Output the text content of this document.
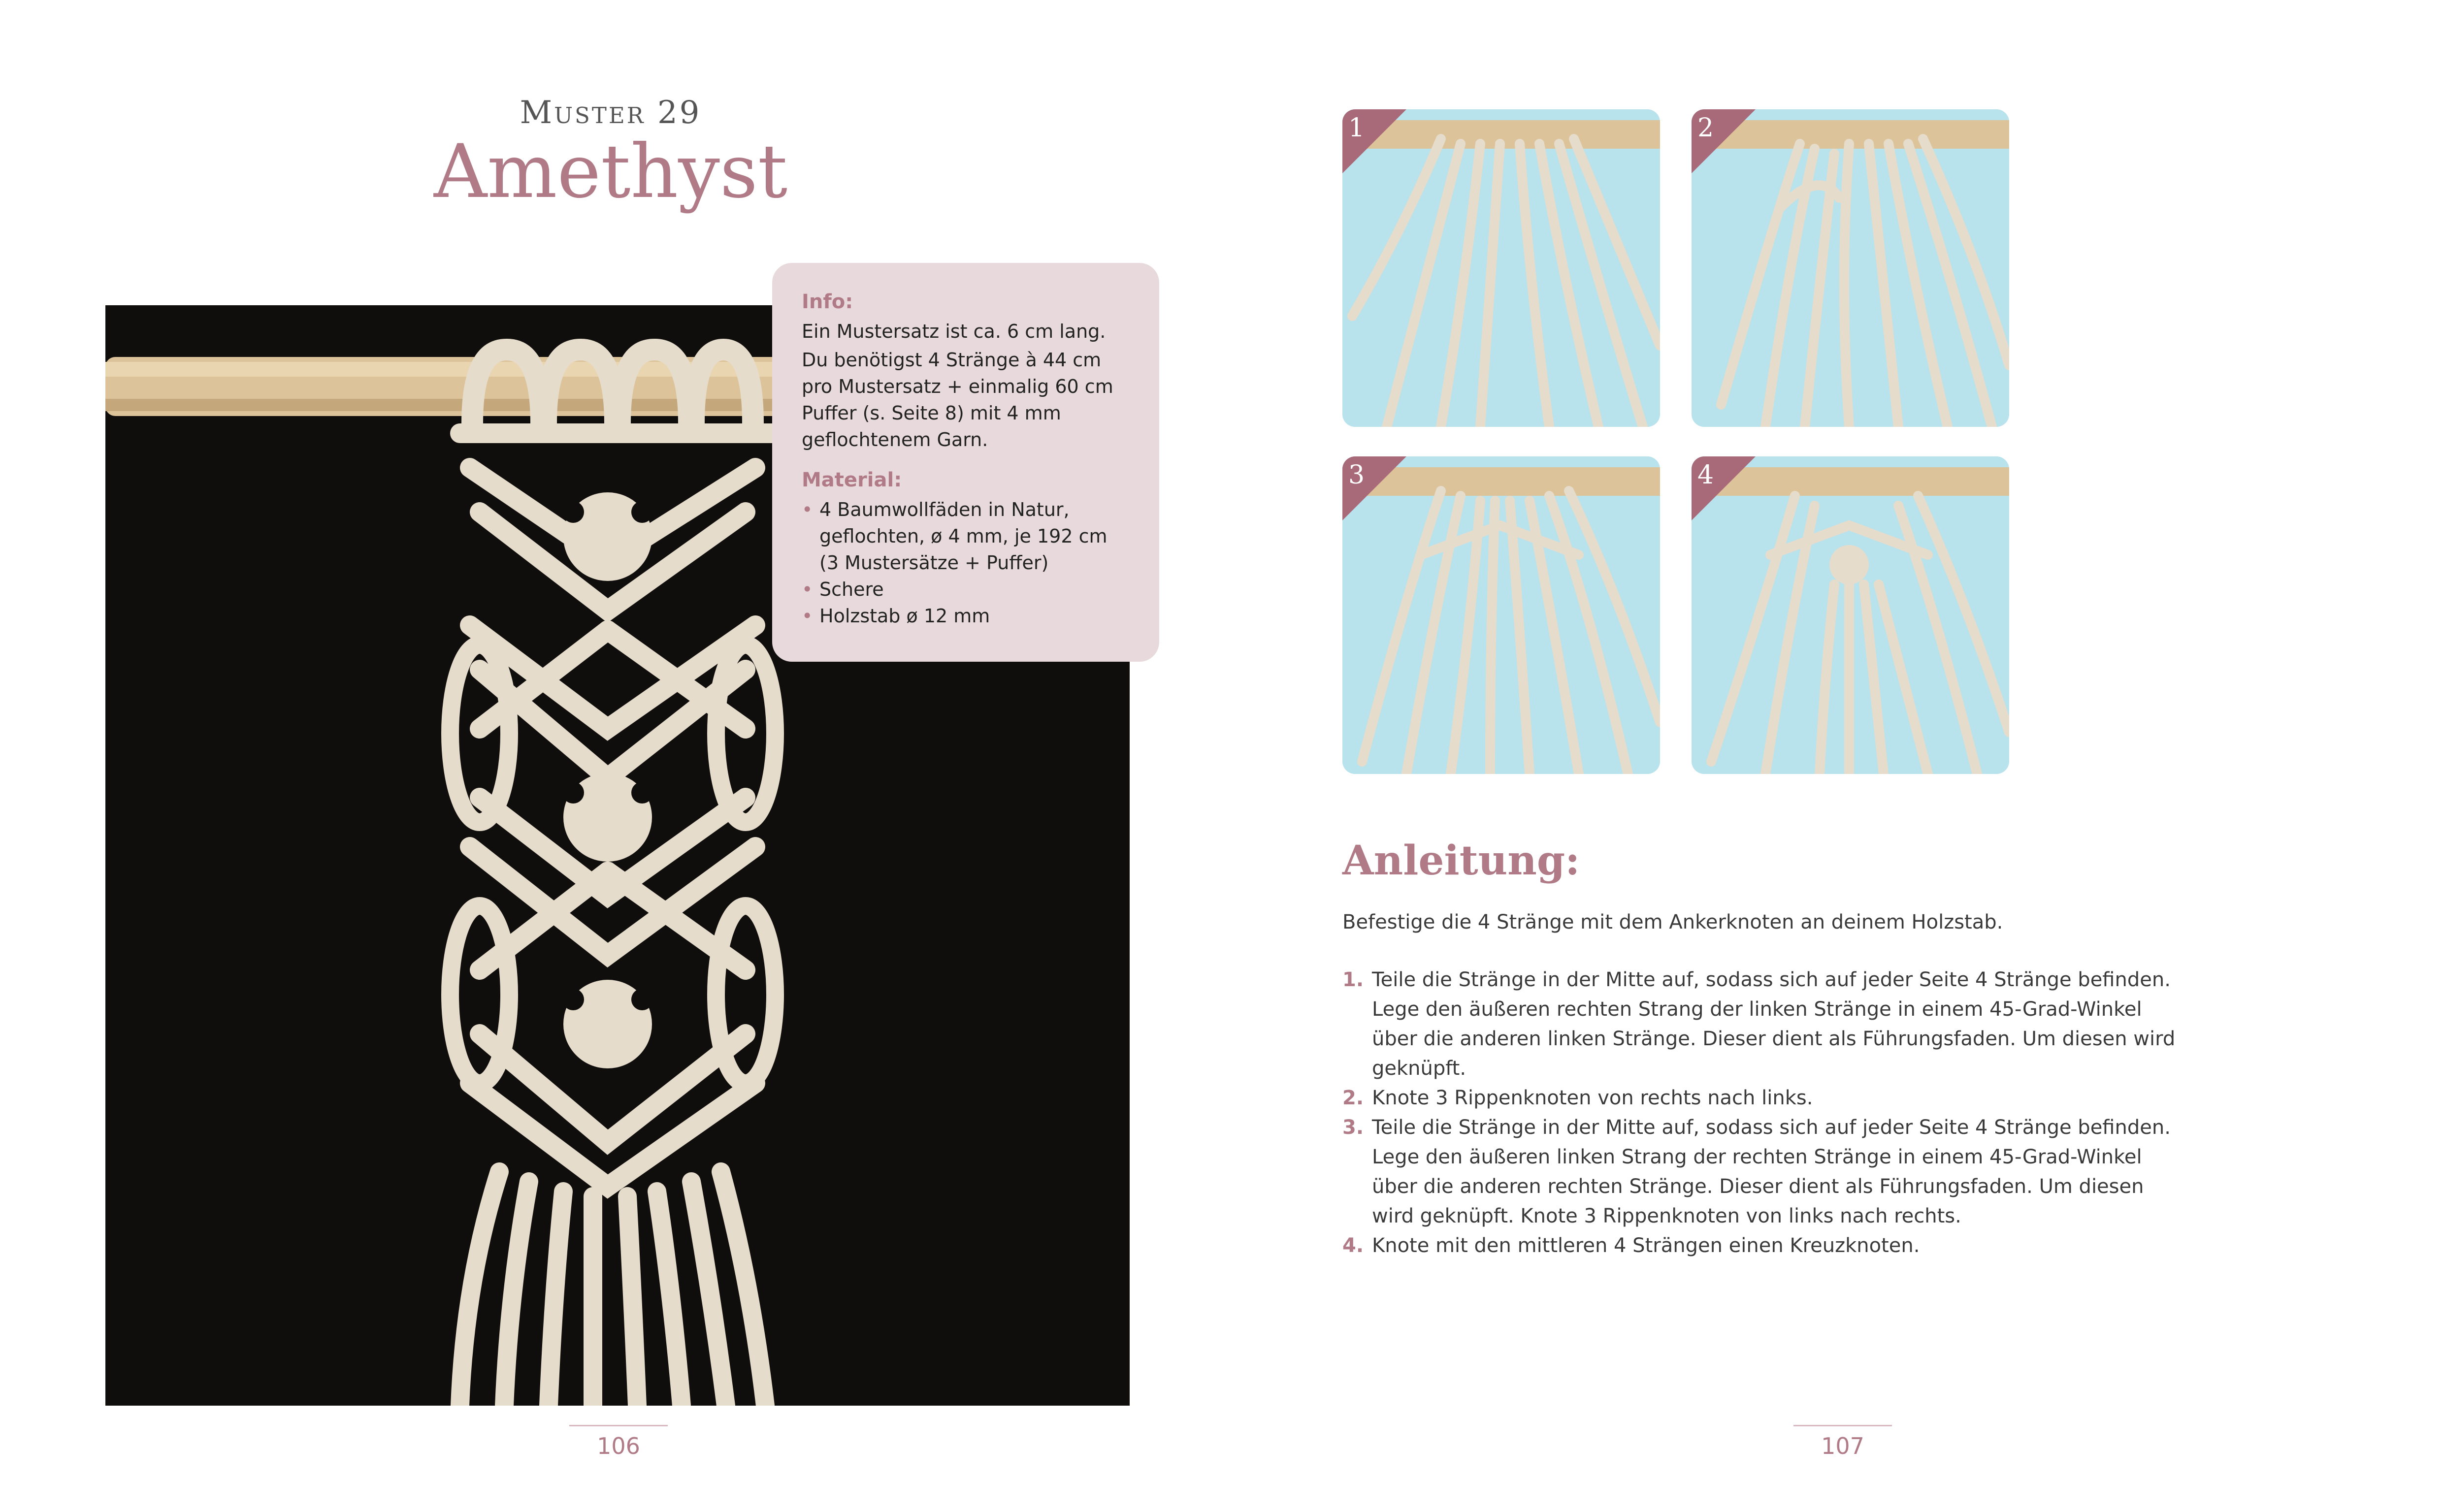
Muster 29
Amethyst
Info:

Ein Mustersatz ist ca. 6 cm lang.

Du benötigst 4 Stränge à 44 cm pro Mustersatz + einmalig 60 cm Puffer (s. Seite 8) mit 4 mm geflochtenem Garn.

Material:
• 4 Baumwollfäden in Natur, geflochten, ø 4 mm, je 192 cm (3 Mustersätze + Puffer)
• Schere
• Holzstab ø 12 mm
106
1	2
3	4
Anleitung:

Befestige die 4 Stränge mit dem Ankerknoten an deinem Holzstab.

1. Teile die Stränge in der Mitte auf, sodass sich auf jeder Seite 4 Stränge befinden. Lege den äußeren rechten Strang der linken Stränge in einem 45-Grad-Winkel über die anderen linken Stränge. Dieser dient als Führungsfaden. Um diesen wird geknüpft.
2. Knote 3 Rippenknoten von rechts nach links.
3. Teile die Stränge in der Mitte auf, sodass sich auf jeder Seite 4 Stränge befinden. Lege den äußeren linken Strang der rechten Stränge in einem 45-Grad-Winkel über die anderen rechten Stränge. Dieser dient als Führungsfaden. Um diesen wird geknüpft. Knote 3 Rippenknoten von links nach rechts.
4. Knote mit den mittleren 4 Strängen einen Kreuzknoten.
107
